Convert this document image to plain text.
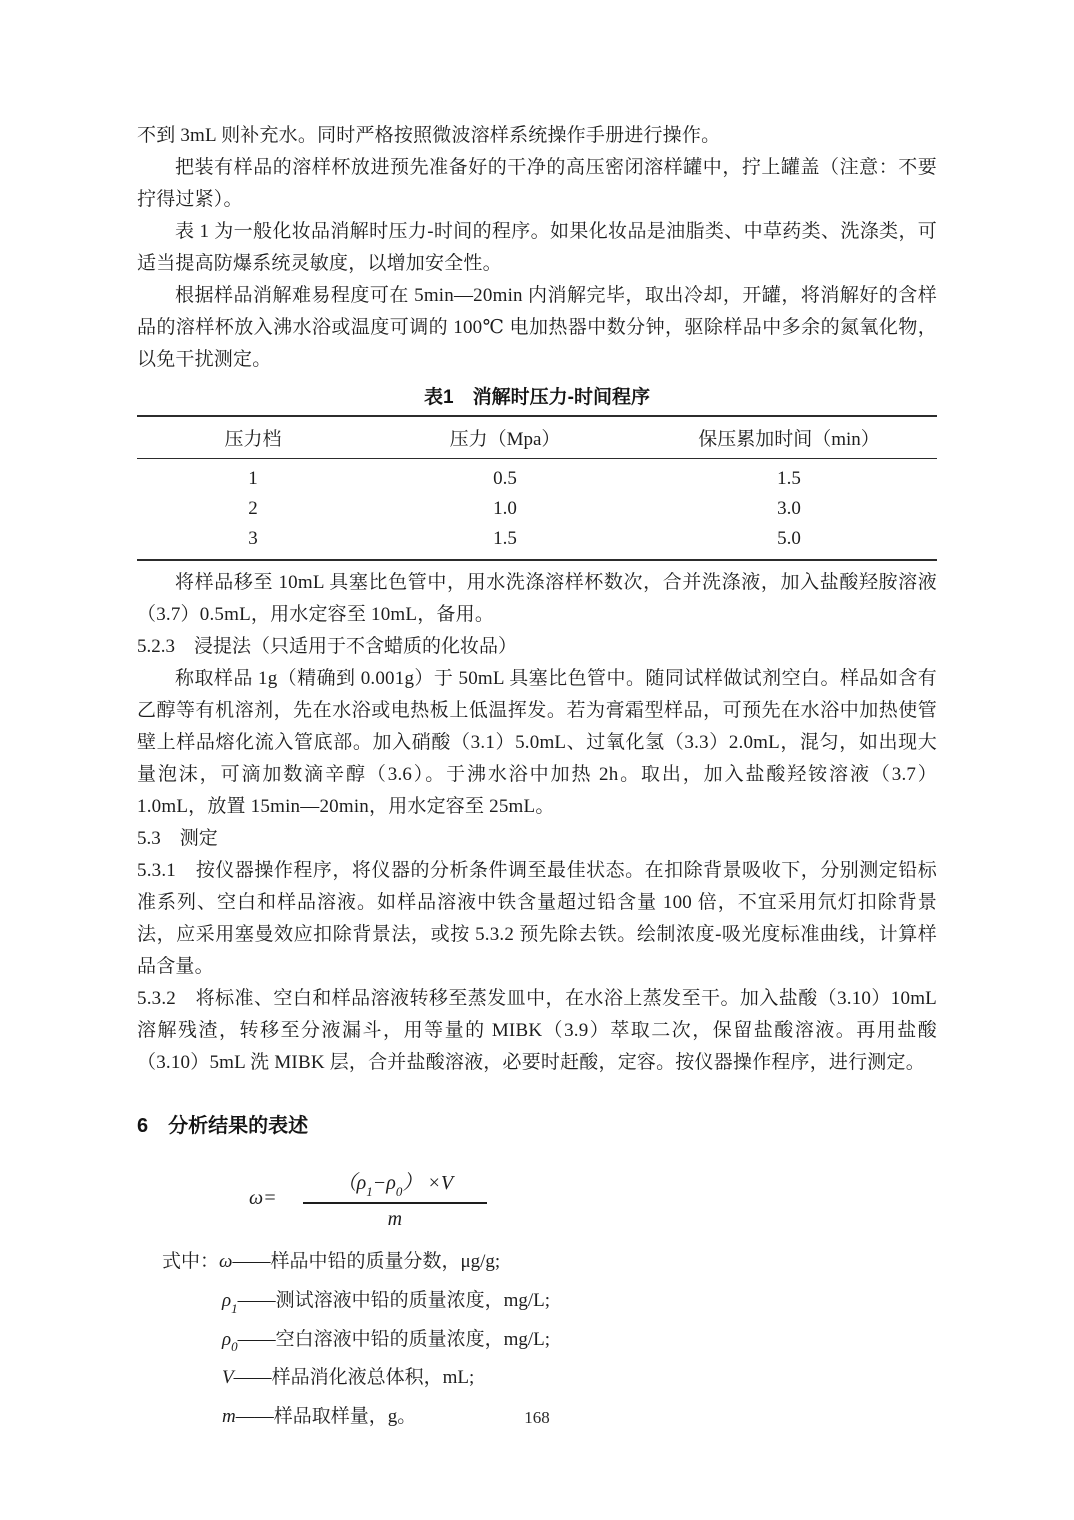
不到 3mL 则补充水。同时严格按照微波溶样系统操作手册进行操作。

把装有样品的溶样杯放进预先准备好的干净的高压密闭溶样罐中，拧上罐盖（注意：不要拧得过紧）。

表 1 为一般化妆品消解时压力-时间的程序。如果化妆品是油脂类、中草药类、洗涤类，可适当提高防爆系统灵敏度，以增加安全性。

根据样品消解难易程度可在 5min—20min 内消解完毕，取出冷却，开罐，将消解好的含样品的溶样杯放入沸水浴或温度可调的 100℃ 电加热器中数分钟，驱除样品中多余的氮氧化物，以免干扰测定。

表1　消解时压力-时间程序
压力档	压力（Mpa）	保压累加时间（min）
1	0.5	1.5
2	1.0	3.0
3	1.5	5.0

将样品移至 10mL 具塞比色管中，用水洗涤溶样杯数次，合并洗涤液，加入盐酸羟胺溶液（3.7）0.5mL，用水定容至 10mL，备用。

5.2.3　浸提法（只适用于不含蜡质的化妆品）

称取样品 1g（精确到 0.001g）于 50mL 具塞比色管中。随同试样做试剂空白。样品如含有乙醇等有机溶剂，先在水浴或电热板上低温挥发。若为膏霜型样品，可预先在水浴中加热使管壁上样品熔化流入管底部。加入硝酸（3.1）5.0mL、过氧化氢（3.3）2.0mL，混匀，如出现大量泡沫，可滴加数滴辛醇（3.6）。于沸水浴中加热 2h。取出，加入盐酸羟铵溶液（3.7）1.0mL，放置 15min—20min，用水定容至 25mL。

5.3　测定

5.3.1　按仪器操作程序，将仪器的分析条件调至最佳状态。在扣除背景吸收下，分别测定铅标准系列、空白和样品溶液。如样品溶液中铁含量超过铅含量 100 倍，不宜采用氘灯扣除背景法，应采用塞曼效应扣除背景法，或按 5.3.2 预先除去铁。绘制浓度-吸光度标准曲线，计算样品含量。

5.3.2　将标准、空白和样品溶液转移至蒸发皿中，在水浴上蒸发至干。加入盐酸（3.10）10mL 溶解残渣，转移至分液漏斗，用等量的 MIBK（3.9）萃取二次，保留盐酸溶液。再用盐酸（3.10）5mL 洗 MIBK 层，合并盐酸溶液，必要时赶酸，定容。按仪器操作程序，进行测定。

6　分析结果的表述
$\omega= \frac{(\rho_1-\rho_0) \times V}{m}$
式中： ω ——样品中铅的质量分数，μg/g;
$\rho_1$ ——测试溶液中铅的质量浓度，mg/L;
$\rho_0$ ——空白溶液中铅的质量浓度，mg/L;
V ——样品消化液总体积，mL;
m ——样品取样量，g。	168
